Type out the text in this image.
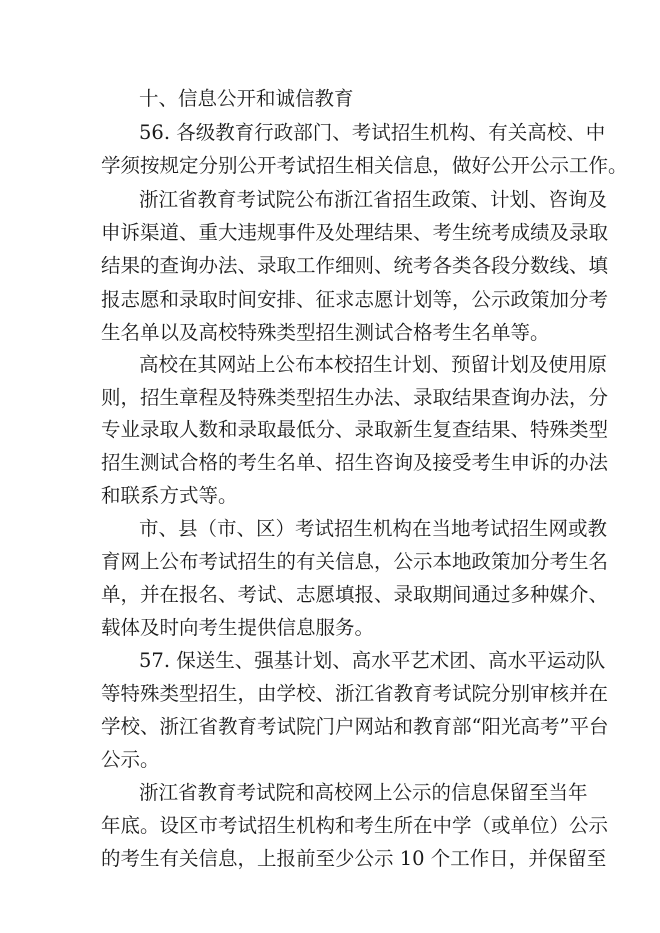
十、信息公开和诚信教育
56. 各级教育行政部门、考试招生机构、有关高校、中
学须按规定分别公开考试招生相关信息，做好公开公示工作。
浙江省教育考试院公布浙江省招生政策、计划、咨询及
申诉渠道、重大违规事件及处理结果、考生统考成绩及录取
结果的查询办法、录取工作细则、统考各类各段分数线、填
报志愿和录取时间安排、征求志愿计划等，公示政策加分考
生名单以及高校特殊类型招生测试合格考生名单等。
高校在其网站上公布本校招生计划、预留计划及使用原
则，招生章程及特殊类型招生办法、录取结果查询办法，分
专业录取人数和录取最低分、录取新生复查结果、特殊类型
招生测试合格的考生名单、招生咨询及接受考生申诉的办法
和联系方式等。
市、县（市、区）考试招生机构在当地考试招生网或教
育网上公布考试招生的有关信息，公示本地政策加分考生名
单，并在报名、考试、志愿填报、录取期间通过多种媒介、
载体及时向考生提供信息服务。
57. 保送生、强基计划、高水平艺术团、高水平运动队
等特殊类型招生，由学校、浙江省教育考试院分别审核并在
学校、浙江省教育考试院门户网站和教育部“阳光高考”平台
公示。
浙江省教育考试院和高校网上公示的信息保留至当年
年底。设区市考试招生机构和考生所在中学（或单位）公示
的考生有关信息，上报前至少公示 10 个工作日，并保留至
